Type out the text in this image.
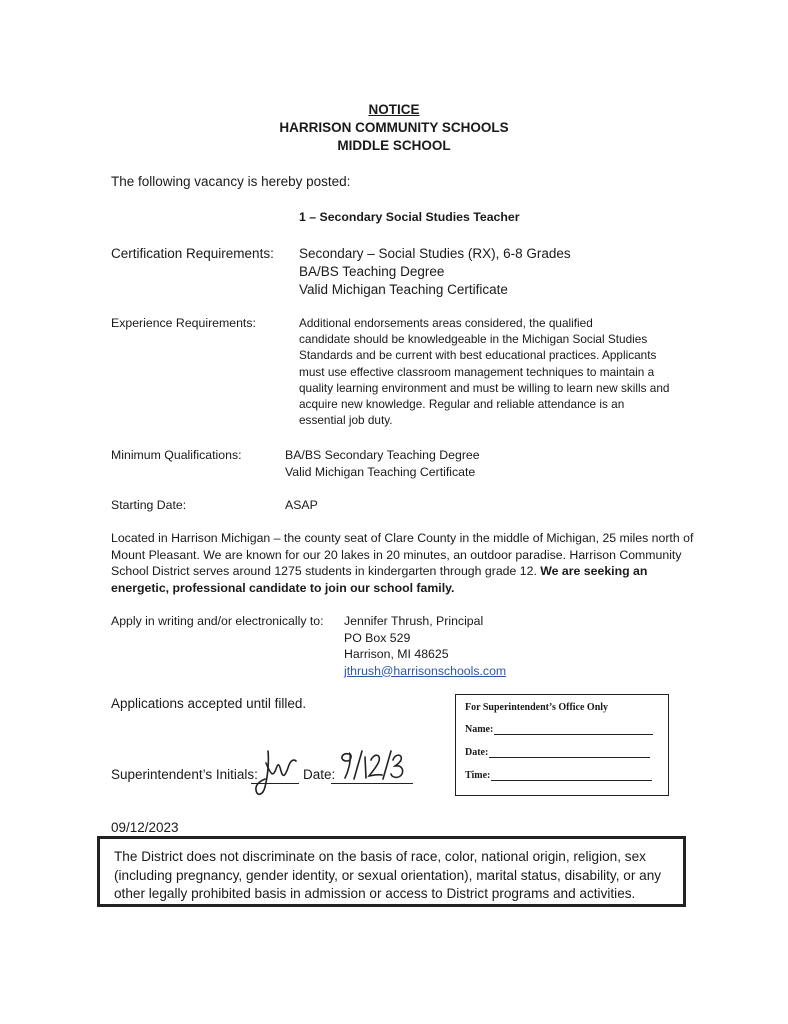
NOTICE
HARRISON COMMUNITY SCHOOLS
MIDDLE SCHOOL
The following vacancy is hereby posted:
1 – Secondary Social Studies Teacher
Certification Requirements: Secondary – Social Studies (RX), 6-8 Grades
BA/BS Teaching Degree
Valid Michigan Teaching Certificate
Experience Requirements:	Additional endorsements areas considered, the qualified
candidate should be knowledgeable in the Michigan Social Studies
Standards and be current with best educational practices. Applicants
must use effective classroom management techniques to maintain a
quality learning environment and must be willing to learn new skills and
acquire new knowledge. Regular and reliable attendance is an
essential job duty.
Minimum Qualifications:	BA/BS Secondary Teaching Degree
Valid Michigan Teaching Certificate
Starting Date:	ASAP
Located in Harrison Michigan – the county seat of Clare County in the middle of Michigan, 25 miles north of
Mount Pleasant. We are known for our 20 lakes in 20 minutes, an outdoor paradise. Harrison Community
School District serves around 1275 students in kindergarten through grade 12. We are seeking an
energetic, professional candidate to join our school family.
Apply in writing and/or electronically to: Jennifer Thrush, Principal
PO Box 529
Harrison, MI 48625
jthrush@harrisonschools.com
Applications accepted until filled.	For Superintendent’s Office Only
Name:
Date:
Time:
Superintendent’s Initials:
JW
Date:
9/12/23
09/12/2023
The District does not discriminate on the basis of race, color, national origin, religion, sex (including pregnancy, gender identity, or sexual orientation), marital status, disability, or any other legally prohibited basis in admission or access to District programs and activities.
